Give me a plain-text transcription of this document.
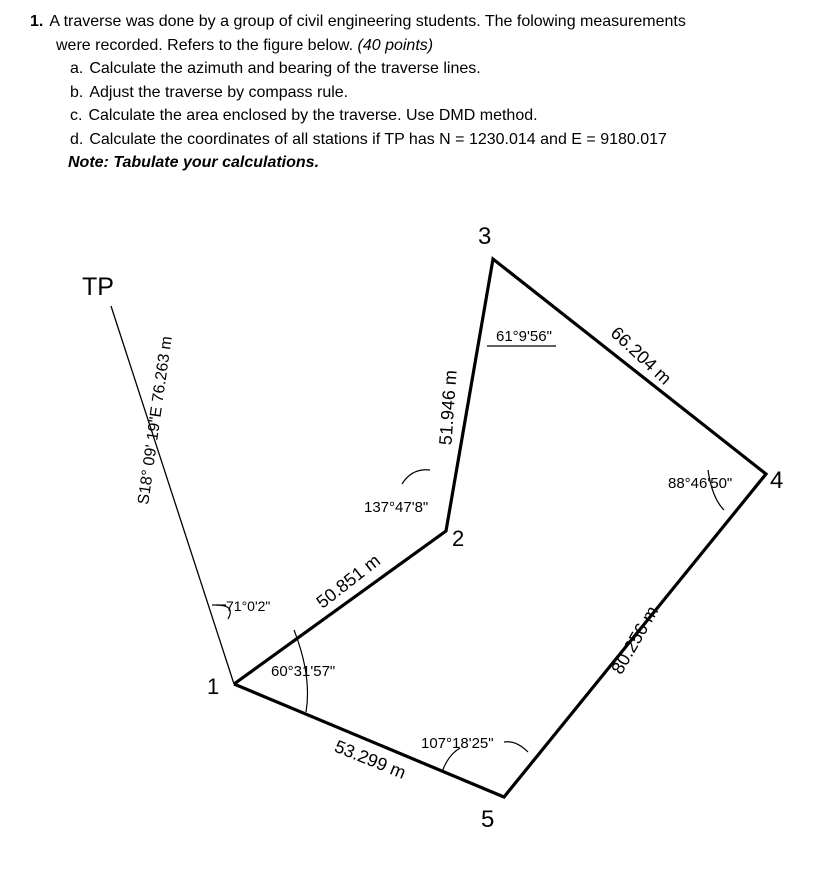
1. A traverse was done by a group of civil engineering students. The folowing measurements
were recorded. Refers to the figure below. (40 points)
a. Calculate the azimuth and bearing of the traverse lines.
b. Adjust the traverse by compass rule.
c. Calculate the area enclosed by the traverse. Use DMD method.
d. Calculate the coordinates of all stations if TP has N = 1230.014 and E = 9180.017
Note: Tabulate your calculations.
TP
1
2
3
4
5
S18° 09' 19"E 76.263 m
50.851 m
51.946 m
66.204 m
80.256 m
53.299 m
71°0'2"
60°31'57"
137°47'8"
61°9'56"
88°46'50"
107°18'25"
